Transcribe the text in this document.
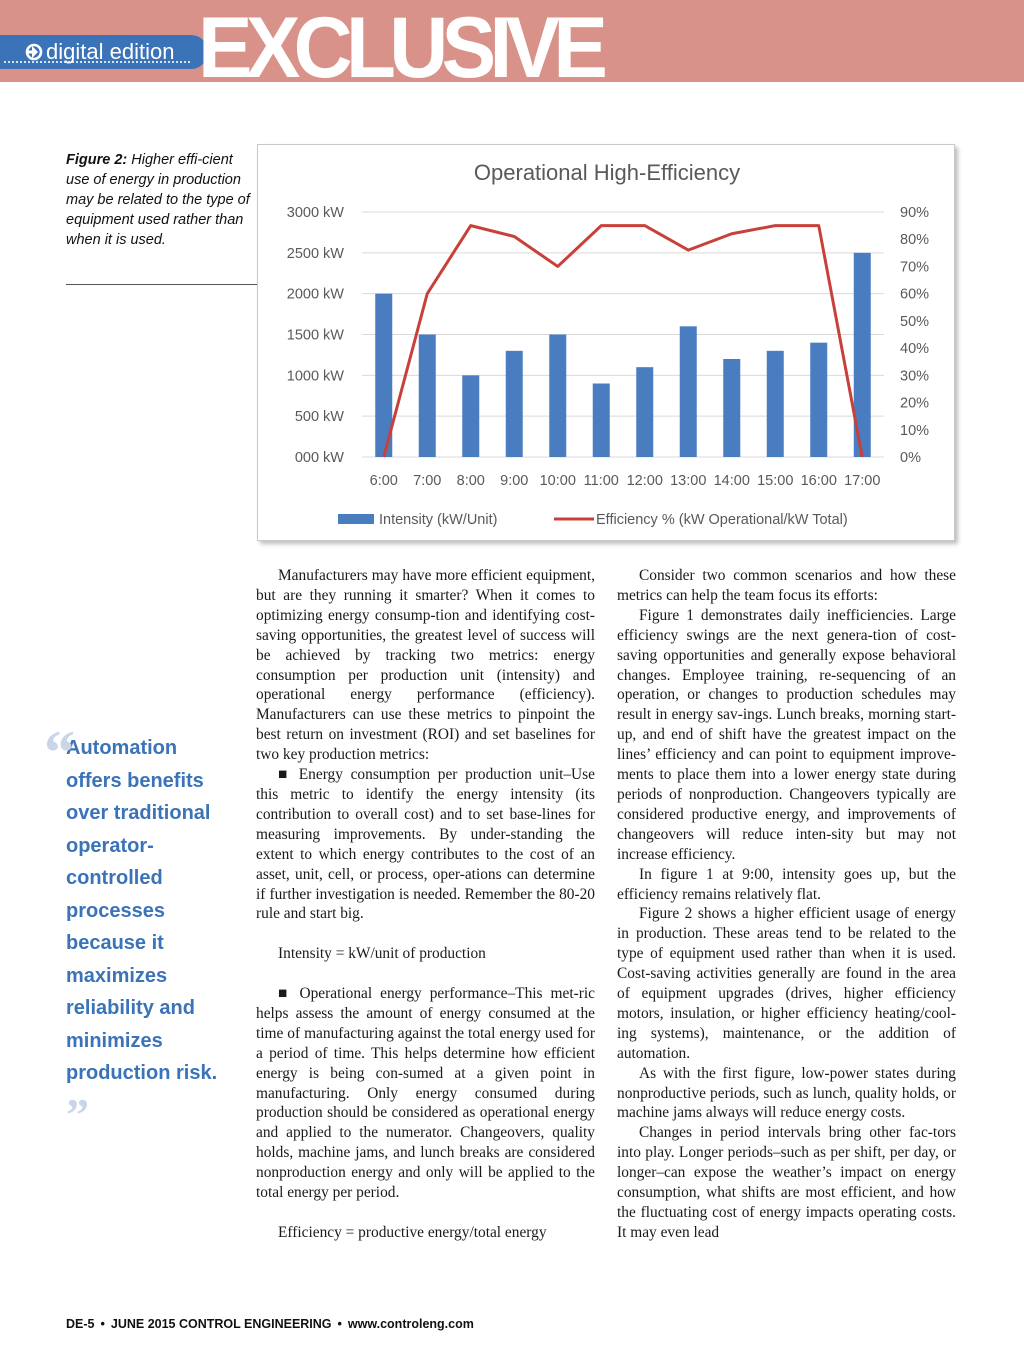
digital edition EXCLUSIVE
Figure 2: Higher effi-cient use of energy in production may be related to the type of equipment used rather than when it is used.
Operational High-Efficiency
000 kW
500 kW
1000 kW
1500 kW
2000 kW
2500 kW
3000 kW
0%
10%
20%
30%
40%
50%
60%
70%
80%
90%
6:00 7:00 8:00 9:00 10:00 11:00 12:00 13:00 14:00 15:00 16:00 17:00
Intensity (kW/Unit)	Efficiency % (kW Operational/kW Total)
Automation offers benefits over traditional operator-controlled processes because it maximizes reliability and minimizes production risk. ”
“

Manufacturers may have more efficient equipment, but are they running it smarter? When it comes to optimizing energy consump-tion and identifying cost-saving opportunities, the greatest level of success will be achieved by tracking two metrics: energy consumption per production unit (intensity) and operational energy performance (efficiency). Manufacturers can use these metrics to pinpoint the best return on investment (ROI) and set baselines for two key production metrics:

■ Energy consumption per production unit–Use this metric to identify the energy intensity (its contribution to overall cost) and to set base-lines for measuring improvements. By under-standing the extent to which energy contributes to the cost of an asset, unit, cell, or process, oper-ations can determine if further investigation is needed. Remember the 80-20 rule and start big.

Intensity = kW/unit of production

■ Operational energy performance–This met-ric helps assess the amount of energy consumed at the time of manufacturing against the total energy used for a period of time. This helps determine how efficient energy is being con-sumed at a given point in manufacturing. Only energy consumed during production should be considered as operational energy and applied to the numerator. Changeovers, quality holds, machine jams, and lunch breaks are considered nonproduction energy and only will be applied to the total energy per period.

Efficiency = productive energy/total energy

Consider two common scenarios and how these metrics can help the team focus its efforts:

Figure 1 demonstrates daily inefficiencies. Large efficiency swings are the next genera-tion of cost-saving opportunities and generally expose behavioral changes. Employee training, re-sequencing of an operation, or changes to production schedules may result in energy sav-ings. Lunch breaks, morning start-up, and end of shift have the greatest impact on the lines’ efficiency and can point to equipment improve-ments to place them into a lower energy state during periods of nonproduction. Changeovers typically are considered productive energy, and improvements of changeovers will reduce inten-sity but may not increase efficiency.

In figure 1 at 9:00, intensity goes up, but the efficiency remains relatively flat.

Figure 2 shows a higher efficient usage of energy in production. These areas tend to be related to the type of equipment used rather than when it is used. Cost-saving activities generally are found in the area of equipment upgrades (drives, higher efficiency motors, insulation, or higher efficiency heating/cool-ing systems), maintenance, or the addition of automation.

As with the first figure, low-power states during nonproductive periods, such as lunch, quality holds, or machine jams always will reduce energy costs.

Changes in period intervals bring other fac-tors into play. Longer periods–such as per shift, per day, or longer–can expose the weather’s impact on energy consumption, what shifts are most efficient, and how the fluctuating cost of energy impacts operating costs. It may even lead

DE-5 • JUNE 2015 CONTROL ENGINEERING • www.controleng.com
